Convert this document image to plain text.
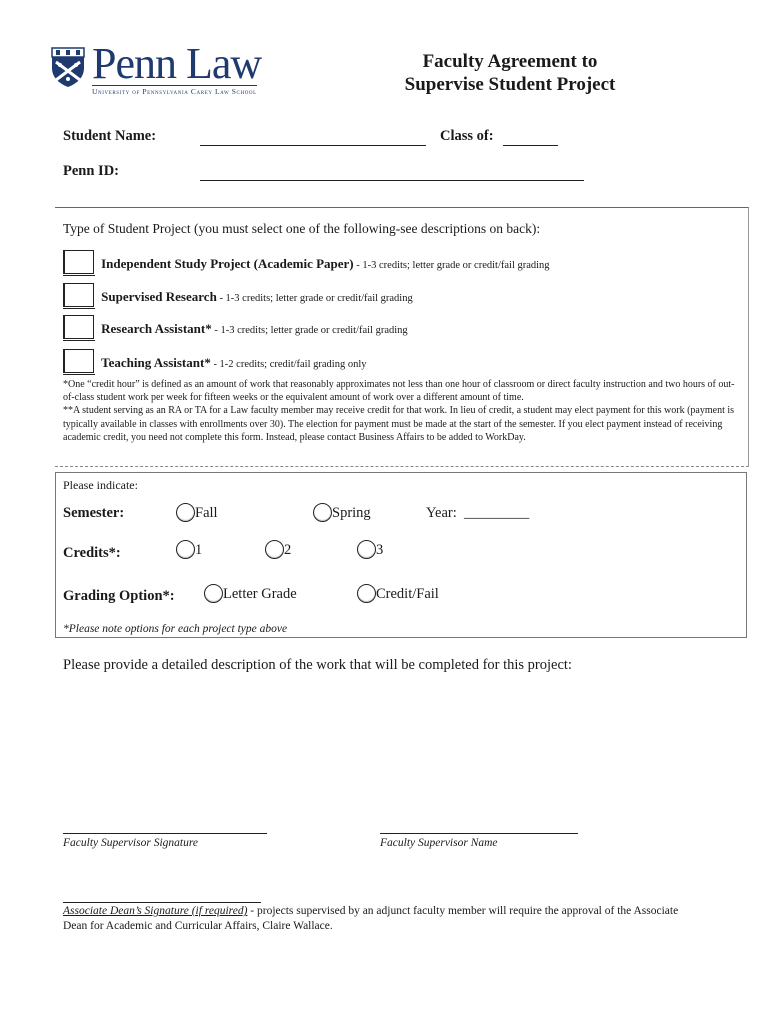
Penn Law
University of Pennsylvania Carey Law School
Faculty Agreement to
Supervise Student Project
Student Name:	Class of:
Penn ID:
Type of Student Project (you must select one of the following-see descriptions on back):
Independent Study Project (Academic Paper) - 1-3 credits; letter grade or credit/fail grading
Supervised Research - 1-3 credits; letter grade or credit/fail grading
Research Assistant* - 1-3 credits; letter grade or credit/fail grading
Teaching Assistant* - 1-2 credits; credit/fail grading only
*One “credit hour” is defined as an amount of work that reasonably approximates not less than one hour of classroom or direct faculty instruction and two hours of out-of-class student work per week for fifteen weeks or the equivalent amount of work over a different amount of time.
**A student serving as an RA or TA for a Law faculty member may receive credit for that work. In lieu of credit, a student may elect payment for this work (payment is typically available in classes with enrollments over 30). The election for payment must be made at the start of the semester. If you elect payment instead of receiving academic credit, you need not complete this form. Instead, please contact Business Affairs to be added to WorkDay.
Please indicate:
Semester:	Fall	Spring	Year: _________
Credits*:	1	2	3
Grading Option*:	Letter Grade	Credit/Fail
*Please note options for each project type above
Please provide a detailed description of the work that will be completed for this project:
Faculty Supervisor Signature	Faculty Supervisor Name
Associate Dean’s Signature (if required) - projects supervised by an adjunct faculty member will require the approval of the Associate Dean for Academic and Curricular Affairs, Claire Wallace.
